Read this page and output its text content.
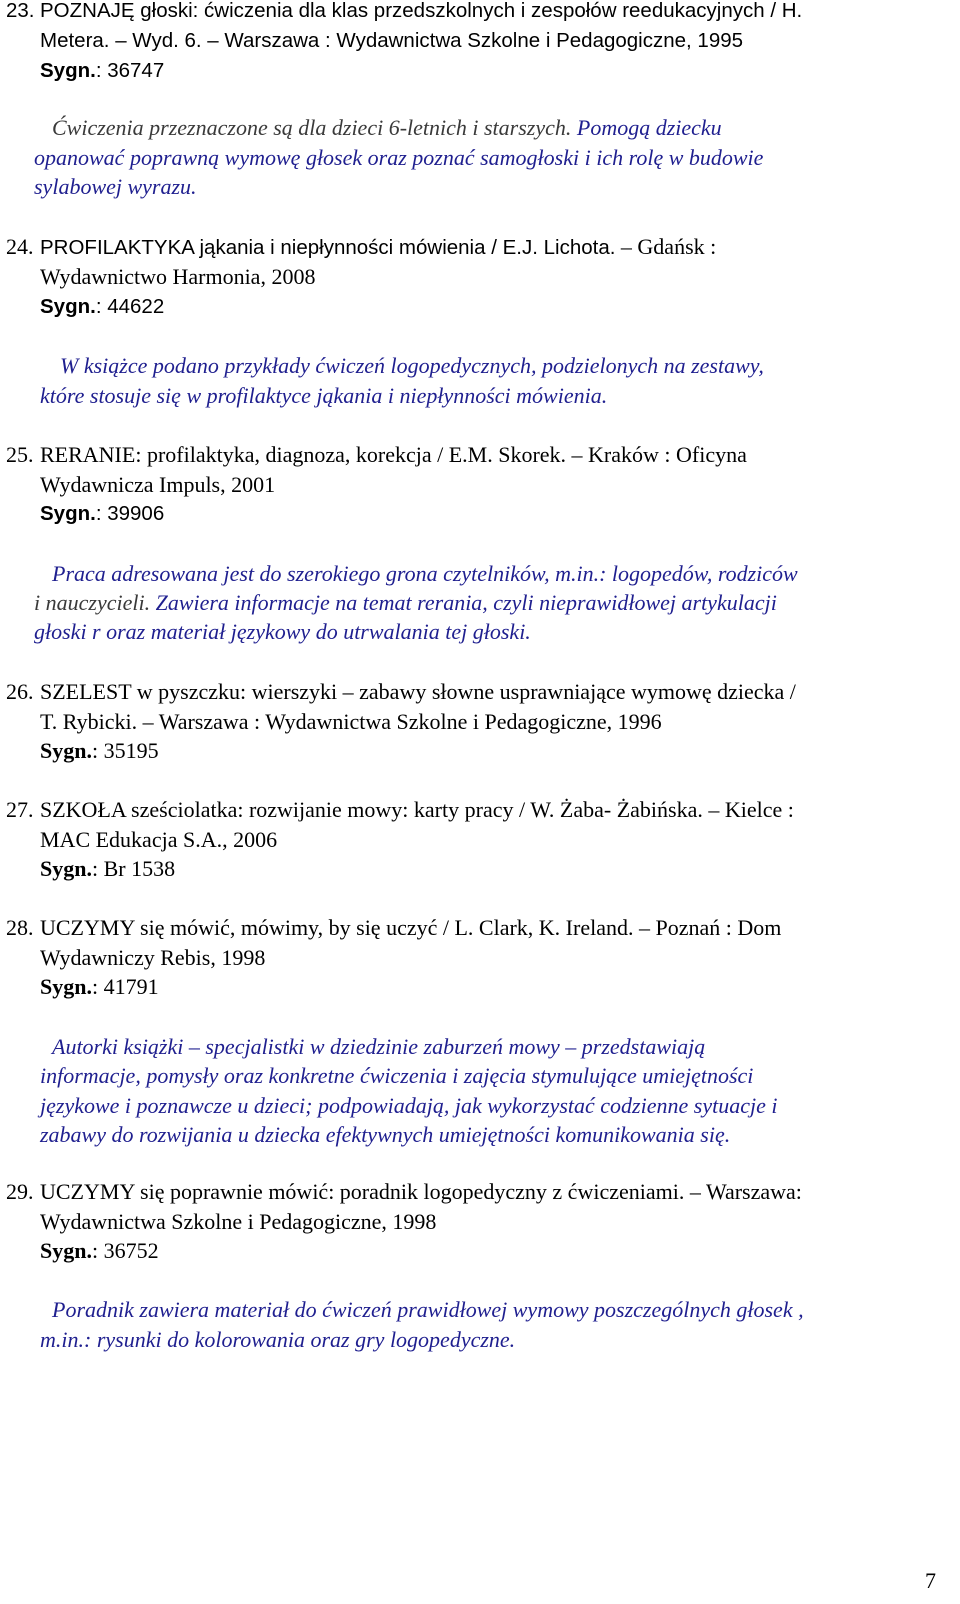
23. POZNAJĘ głoski: ćwiczenia dla klas przedszkolnych i zespołów reedukacyjnych / H.
Metera. – Wyd. 6. – Warszawa : Wydawnictwa Szkolne i Pedagogiczne, 1995
Sygn.: 36747
Ćwiczenia przeznaczone są dla dzieci 6-letnich i starszych. Pomogą dziecku
opanować poprawną wymowę głosek oraz poznać samogłoski i ich rolę w budowie
sylabowej wyrazu.
24. PROFILAKTYKA jąkania i niepłynności mówienia / E.J. Lichota. – Gdańsk :
Wydawnictwo Harmonia, 2008
Sygn.: 44622
W książce podano przykłady ćwiczeń logopedycznych, podzielonych na zestawy,
które stosuje się w profilaktyce jąkania i niepłynności mówienia.
25. RERANIE: profilaktyka, diagnoza, korekcja / E.M. Skorek. – Kraków : Oficyna
Wydawnicza Impuls, 2001
Sygn.: 39906
Praca adresowana jest do szerokiego grona czytelników, m.in.: logopedów, rodziców
i nauczycieli. Zawiera informacje na temat rerania, czyli nieprawidłowej artykulacji
głoski r oraz materiał językowy do utrwalania tej głoski.
26. SZELEST w pyszczku: wierszyki – zabawy słowne usprawniające wymowę dziecka /
T. Rybicki. – Warszawa : Wydawnictwa Szkolne i Pedagogiczne, 1996
Sygn.: 35195
27. SZKOŁA sześciolatka: rozwijanie mowy: karty pracy / W. Żaba- Żabińska. – Kielce :
MAC Edukacja S.A., 2006
Sygn.: Br 1538
28. UCZYMY się mówić, mówimy, by się uczyć / L. Clark, K. Ireland. – Poznań : Dom
Wydawniczy Rebis, 1998
Sygn.: 41791
Autorki książki – specjalistki w dziedzinie zaburzeń mowy – przedstawiają
informacje, pomysły oraz konkretne ćwiczenia i zajęcia stymulujące umiejętności
językowe i poznawcze u dzieci; podpowiadają, jak wykorzystać codzienne sytuacje i
zabawy do rozwijania u dziecka efektywnych umiejętności komunikowania się.
29. UCZYMY się poprawnie mówić: poradnik logopedyczny z ćwiczeniami. – Warszawa:
Wydawnictwa Szkolne i Pedagogiczne, 1998
Sygn.: 36752
Poradnik zawiera materiał do ćwiczeń prawidłowej wymowy poszczególnych głosek ,
m.in.: rysunki do kolorowania oraz gry logopedyczne.
7
